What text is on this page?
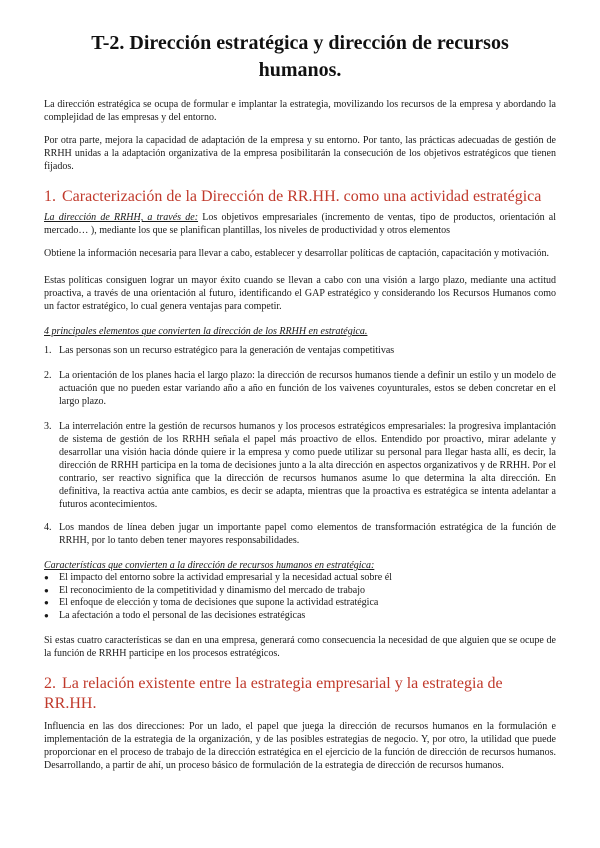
T-2. Dirección estratégica y dirección de recursos
humanos.

La dirección estratégica se ocupa de formular e implantar la estrategia, movilizando los recursos de la empresa y abordando la complejidad de las empresas y del entorno.

Por otra parte, mejora la capacidad de adaptación de la empresa y su entorno. Por tanto, las prácticas adecuadas de gestión de RRHH unidas a la adaptación organizativa de la empresa posibilitarán la consecución de los objetivos estratégicos que tienen fijados.

1. Caracterización de la Dirección de RR.HH. como una actividad estratégica

La dirección de RRHH, a través de: Los objetivos empresariales (incremento de ventas, tipo de productos, orientación al mercado… ), mediante los que se planifican plantillas, los niveles de productividad y otros elementos

Obtiene la información necesaria para llevar a cabo, establecer y desarrollar políticas de captación, capacitación y motivación.

Estas políticas consiguen lograr un mayor éxito cuando se llevan a cabo con una visión a largo plazo, mediante una actitud proactiva, a través de una orientación al futuro, identificando el GAP estratégico y considerando los Recursos Humanos como un factor estratégico, lo cual genera ventajas para competir.

4 principales elementos que convierten la dirección de los RRHH en estratégica.

1. Las personas son un recurso estratégico para la generación de ventajas competitivas
2. La orientación de los planes hacia el largo plazo: la dirección de recursos humanos tiende a definir un estilo y un modelo de actuación que no pueden estar variando año a año en función de los vaivenes coyunturales, estos se deben concretar en el largo plazo.
3. La interrelación entre la gestión de recursos humanos y los procesos estratégicos empresariales: la progresiva implantación de sistema de gestión de los RRHH señala el papel más proactivo de ellos. Entendido por proactivo, mirar adelante y desarrollar una visión hacia dónde quiere ir la empresa y como puede utilizar su personal para llegar hasta allí, es decir, la dirección de RRHH participa en la toma de decisiones junto a la alta dirección en aspectos organizativos y de RRHH. Por el contrario, ser reactivo significa que la dirección de recursos humanos asume lo que determina la alta dirección. En definitiva, la reactiva actúa ante cambios, es decir se adapta, mientras que la proactiva es estratégica se intenta adelantar a futuros acontecimientos.
4. Los mandos de línea deben jugar un importante papel como elementos de transformación estratégica de la función de RRHH, por lo tanto deben tener mayores responsabilidades.

Características que convierten a la dirección de recursos humanos en estratégica:

●	El impacto del entorno sobre la actividad empresarial y la necesidad actual sobre él
●	El reconocimiento de la competitividad y dinamismo del mercado de trabajo
●	El enfoque de elección y toma de decisiones que supone la actividad estratégica
●	La afectación a todo el personal de las decisiones estratégicas

Si estas cuatro características se dan en una empresa, generará como consecuencia la necesidad de que alguien que se ocupe de la función de RRHH participe en los procesos estratégicos.

2. La relación existente entre la estrategia empresarial y la estrategia de RR.HH.

Influencia en las dos direcciones: Por un lado, el papel que juega la dirección de recursos humanos en la formulación e implementación de la estrategia de la organización, y de las posibles estrategias de negocio. Y, por otro, la utilidad que puede proporcionar en el proceso de trabajo de la dirección estratégica en el ejercicio de la función de dirección de recursos humanos. Desarrollando, a partir de ahí, un proceso básico de formulación de la estrategia de dirección de recursos humanos.
